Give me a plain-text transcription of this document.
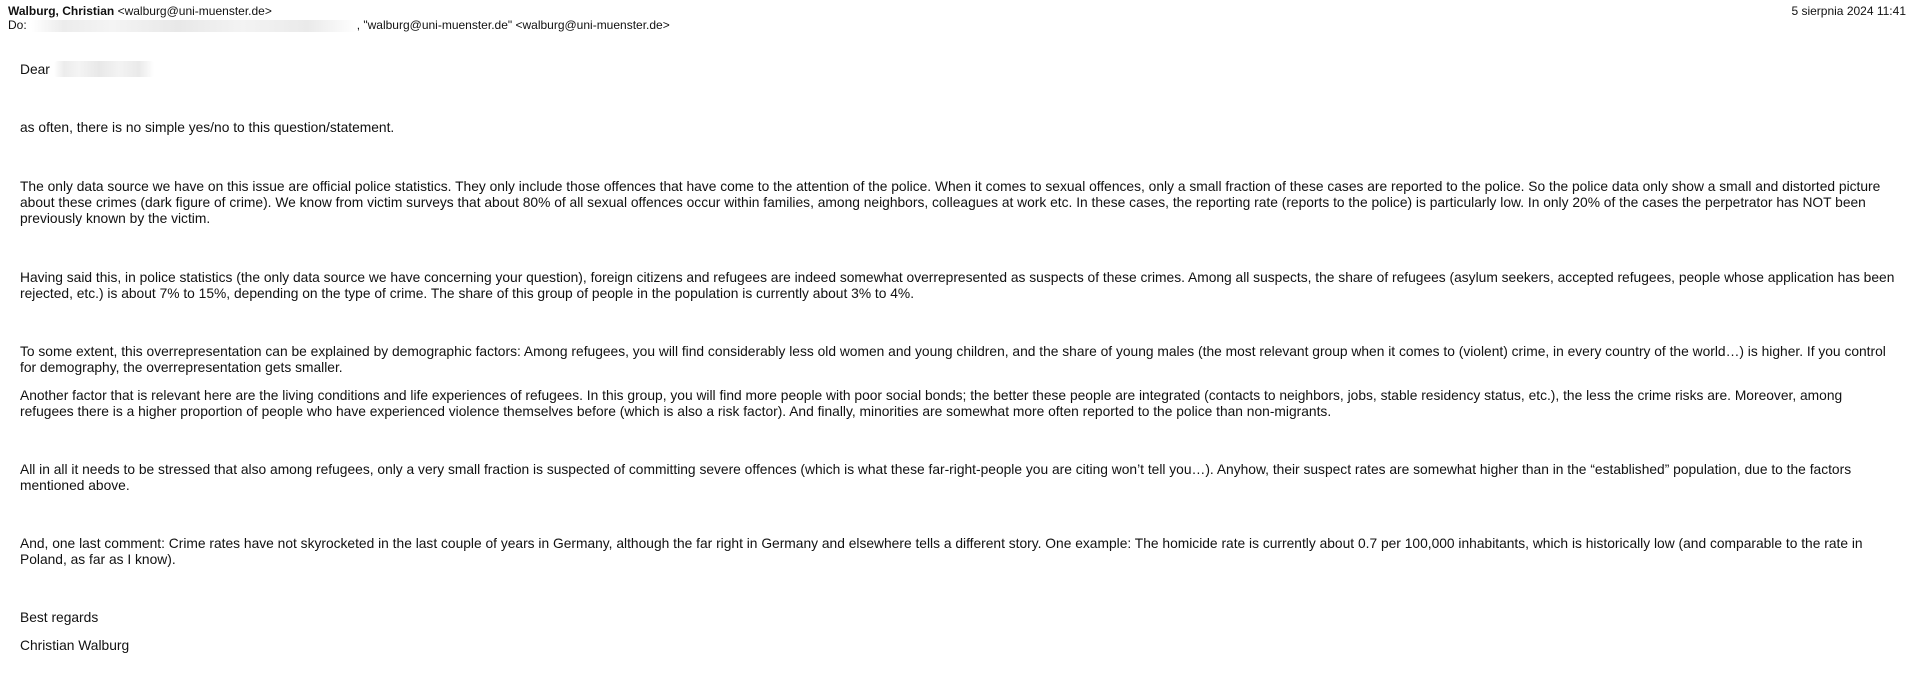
Walburg, Christian <walburg@uni-muenster.de>	5 sierpnia 2024 11:41
Do:	, "walburg@uni-muenster.de" <walburg@uni-muenster.de>

Dear

as often, there is no simple yes/no to this question/statement.

The only data source we have on this issue are official police statistics. They only include those offences that have come to the attention of the police. When it comes to sexual offences, only a small fraction of these cases are reported to the police. So the police data only show a small and distorted picture about these crimes (dark figure of crime). We know from victim surveys that about 80% of all sexual offences occur within families, among neighbors, colleagues at work etc. In these cases, the reporting rate (reports to the police) is particularly low. In only 20% of the cases the perpetrator has NOT been previously known by the victim.

Having said this, in police statistics (the only data source we have concerning your question), foreign citizens and refugees are indeed somewhat overrepresented as suspects of these crimes. Among all suspects, the share of refugees (asylum seekers, accepted refugees, people whose application has been rejected, etc.) is about 7% to 15%, depending on the type of crime. The share of this group of people in the population is currently about 3% to 4%.

To some extent, this overrepresentation can be explained by demographic factors: Among refugees, you will find considerably less old women and young children, and the share of young males (the most relevant group when it comes to (violent) crime, in every country of the world…) is higher. If you control for demography, the overrepresentation gets smaller.

Another factor that is relevant here are the living conditions and life experiences of refugees. In this group, you will find more people with poor social bonds; the better these people are integrated (contacts to neighbors, jobs, stable residency status, etc.), the less the crime risks are. Moreover, among refugees there is a higher proportion of people who have experienced violence themselves before (which is also a risk factor). And finally, minorities are somewhat more often reported to the police than non-migrants.

All in all it needs to be stressed that also among refugees, only a very small fraction is suspected of committing severe offences (which is what these far-right-people you are citing won’t tell you…). Anyhow, their suspect rates are somewhat higher than in the “established” population, due to the factors mentioned above.

And, one last comment: Crime rates have not skyrocketed in the last couple of years in Germany, although the far right in Germany and elsewhere tells a different story. One example: The homicide rate is currently about 0.7 per 100,000 inhabitants, which is historically low (and comparable to the rate in Poland, as far as I know).

Best regards

Christian Walburg
